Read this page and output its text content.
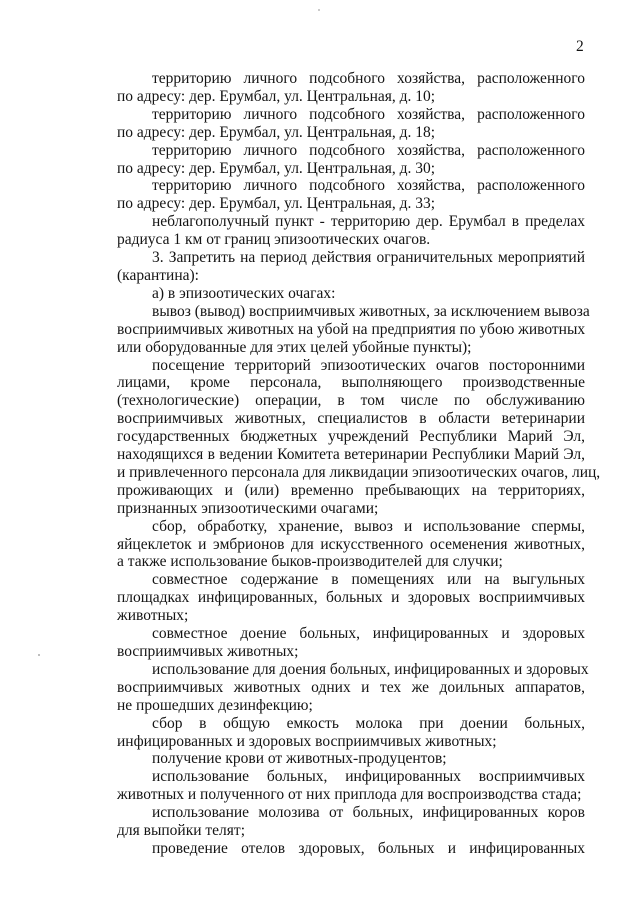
2

территорию личного подсобного хозяйства, расположенного
по адресу: дер. Ерумбал, ул. Центральная, д. 10;

территорию личного подсобного хозяйства, расположенного
по адресу: дер. Ерумбал, ул. Центральная, д. 18;

территорию личного подсобного хозяйства, расположенного
по адресу: дер. Ерумбал, ул. Центральная, д. 30;

территорию личного подсобного хозяйства, расположенного
по адресу: дер. Ерумбал, ул. Центральная, д. 33;

неблагополучный пункт - территорию дер. Ерумбал в пределах
радиуса 1 км от границ эпизоотических очагов.

3. Запретить на период действия ограничительных мероприятий
(карантина):

а) в эпизоотических очагах:

вывоз (вывод) восприимчивых животных, за исключением вывоза
восприимчивых животных на убой на предприятия по убою животных
или оборудованные для этих целей убойные пункты);

посещение территорий эпизоотических очагов посторонними
лицами, кроме персонала, выполняющего производственные
(технологические) операции, в том числе по обслуживанию
восприимчивых животных, специалистов в области ветеринарии
государственных бюджетных учреждений Республики Марий Эл,
находящихся в ведении Комитета ветеринарии Республики Марий Эл,
и привлеченного персонала для ликвидации эпизоотических очагов, лиц,
проживающих и (или) временно пребывающих на территориях,
признанных эпизоотическими очагами;

сбор, обработку, хранение, вывоз и использование спермы,
яйцеклеток и эмбрионов для искусственного осеменения животных,
а также использование быков-производителей для случки;

совместное содержание в помещениях или на выгульных
площадках инфицированных, больных и здоровых восприимчивых
животных;

совместное доение больных, инфицированных и здоровых
восприимчивых животных;

использование для доения больных, инфицированных и здоровых
восприимчивых животных одних и тех же доильных аппаратов,
не прошедших дезинфекцию;

сбор в общую емкость молока при доении больных,
инфицированных и здоровых восприимчивых животных;

получение крови от животных-продуцентов;

использование больных, инфицированных восприимчивых
животных и полученного от них приплода для воспроизводства стада;

использование молозива от больных, инфицированных коров
для выпойки телят;

проведение отелов здоровых, больных и инфицированных
